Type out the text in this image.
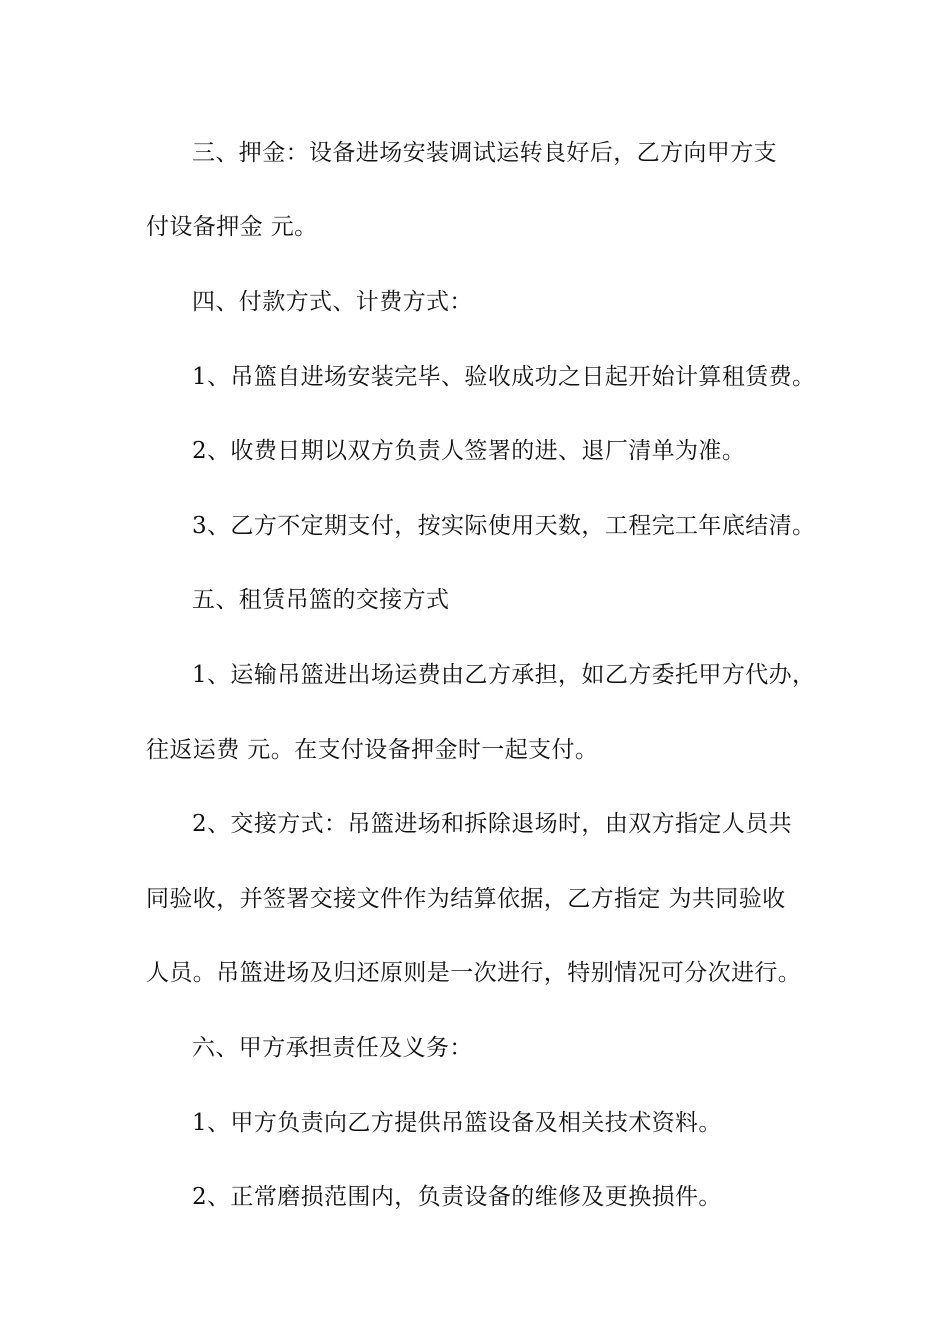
三、押金：设备进场安装调试运转良好后，乙方向甲方支
付设备押金 元。
四、付款方式、计费方式：
1、吊篮自进场安装完毕、验收成功之日起开始计算租赁费。
2、收费日期以双方负责人签署的进、退厂清单为准。
3、乙方不定期支付，按实际使用天数，工程完工年底结清。
五、租赁吊篮的交接方式
1、运输吊篮进出场运费由乙方承担，如乙方委托甲方代办，
往返运费 元。在支付设备押金时一起支付。
2、交接方式：吊篮进场和拆除退场时，由双方指定人员共
同验收，并签署交接文件作为结算依据，乙方指定 为共同验收
人员。吊篮进场及归还原则是一次进行，特别情况可分次进行。
六、甲方承担责任及义务：
1、甲方负责向乙方提供吊篮设备及相关技术资料。
2、正常磨损范围内，负责设备的维修及更换损件。
